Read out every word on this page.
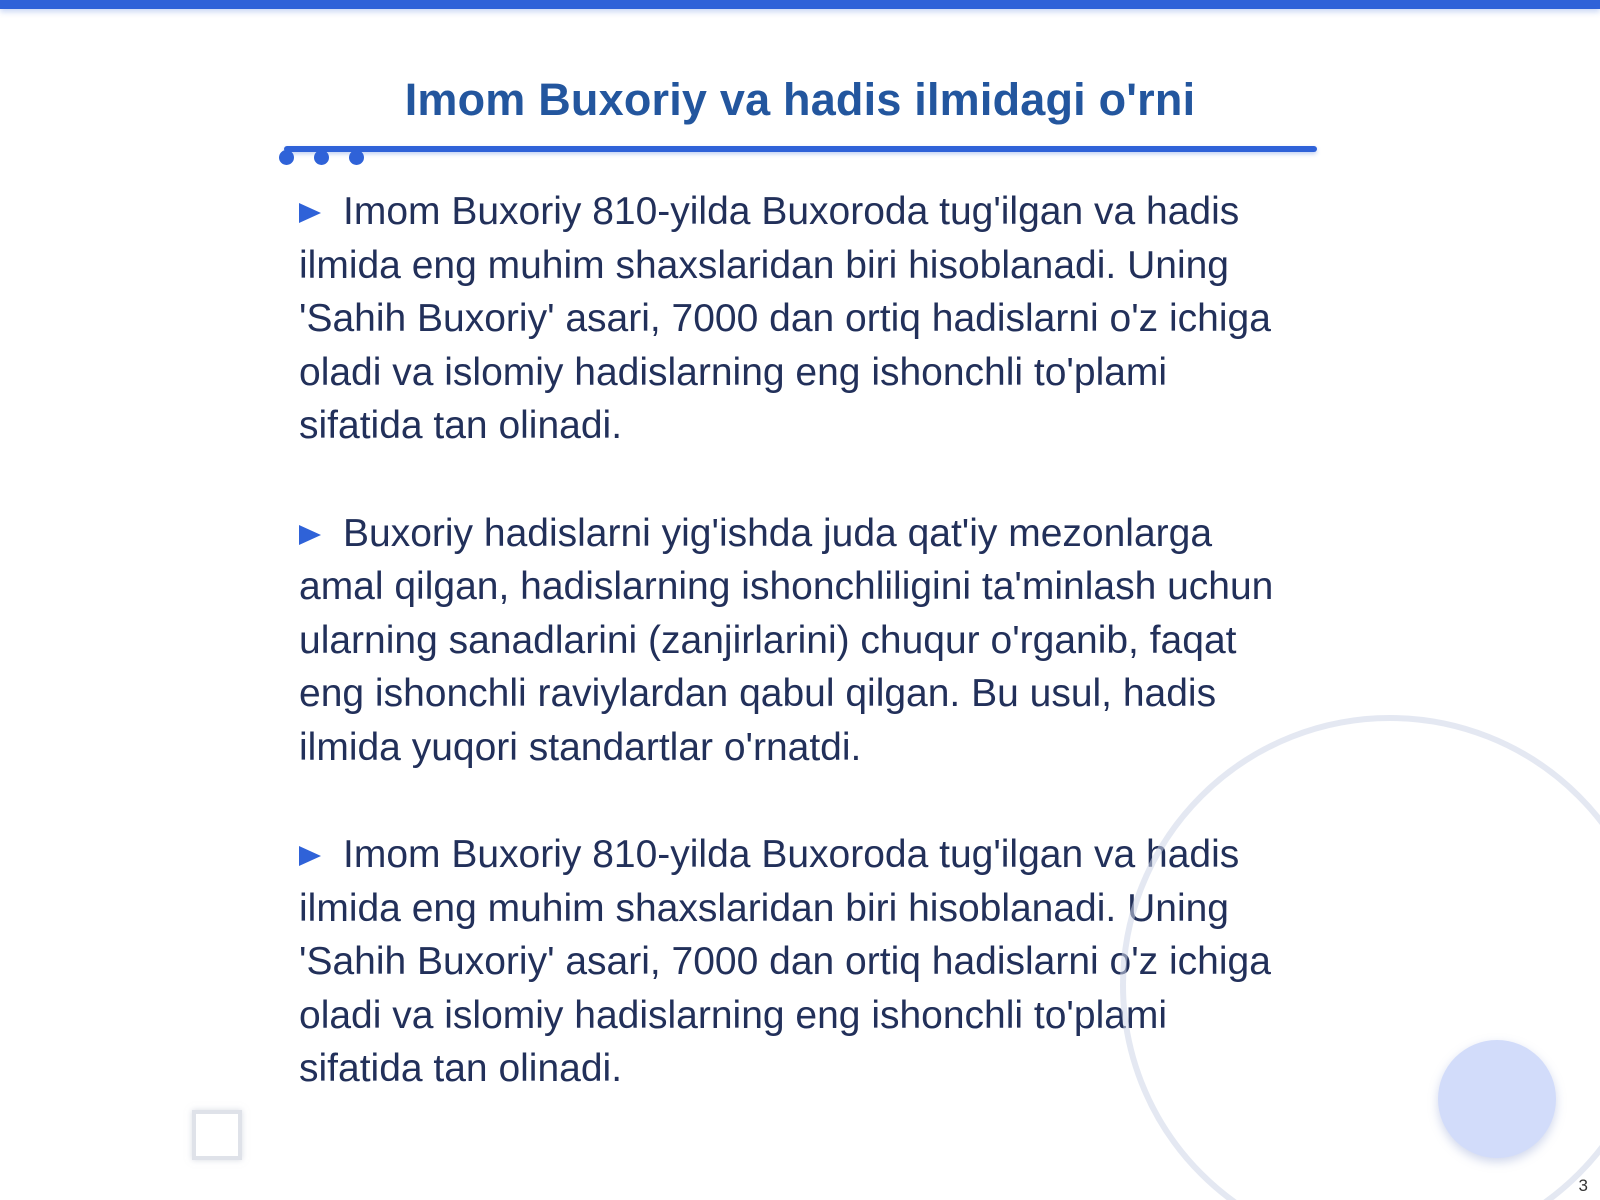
Imom Buxoriy va hadis ilmidagi o'rni
Imom Buxoriy 810-yilda Buxoroda tug'ilgan va hadis ilmida eng muhim shaxslaridan biri hisoblanadi. Uning 'Sahih Buxoriy' asari, 7000 dan ortiq hadislarni o'z ichiga oladi va islomiy hadislarning eng ishonchli to'plami sifatida tan olinadi.
Buxoriy hadislarni yig'ishda juda qat'iy mezonlarga amal qilgan, hadislarning ishonchliligini ta'minlash uchun ularning sanadlarini (zanjirlarini) chuqur o'rganib, faqat eng ishonchli raviylardan qabul qilgan. Bu usul, hadis ilmida yuqori standartlar o'rnatdi.
Imom Buxoriy 810-yilda Buxoroda tug'ilgan va hadis ilmida eng muhim shaxslaridan biri hisoblanadi. Uning 'Sahih Buxoriy' asari, 7000 dan ortiq hadislarni o'z ichiga oladi va islomiy hadislarning eng ishonchli to'plami sifatida tan olinadi.
3
